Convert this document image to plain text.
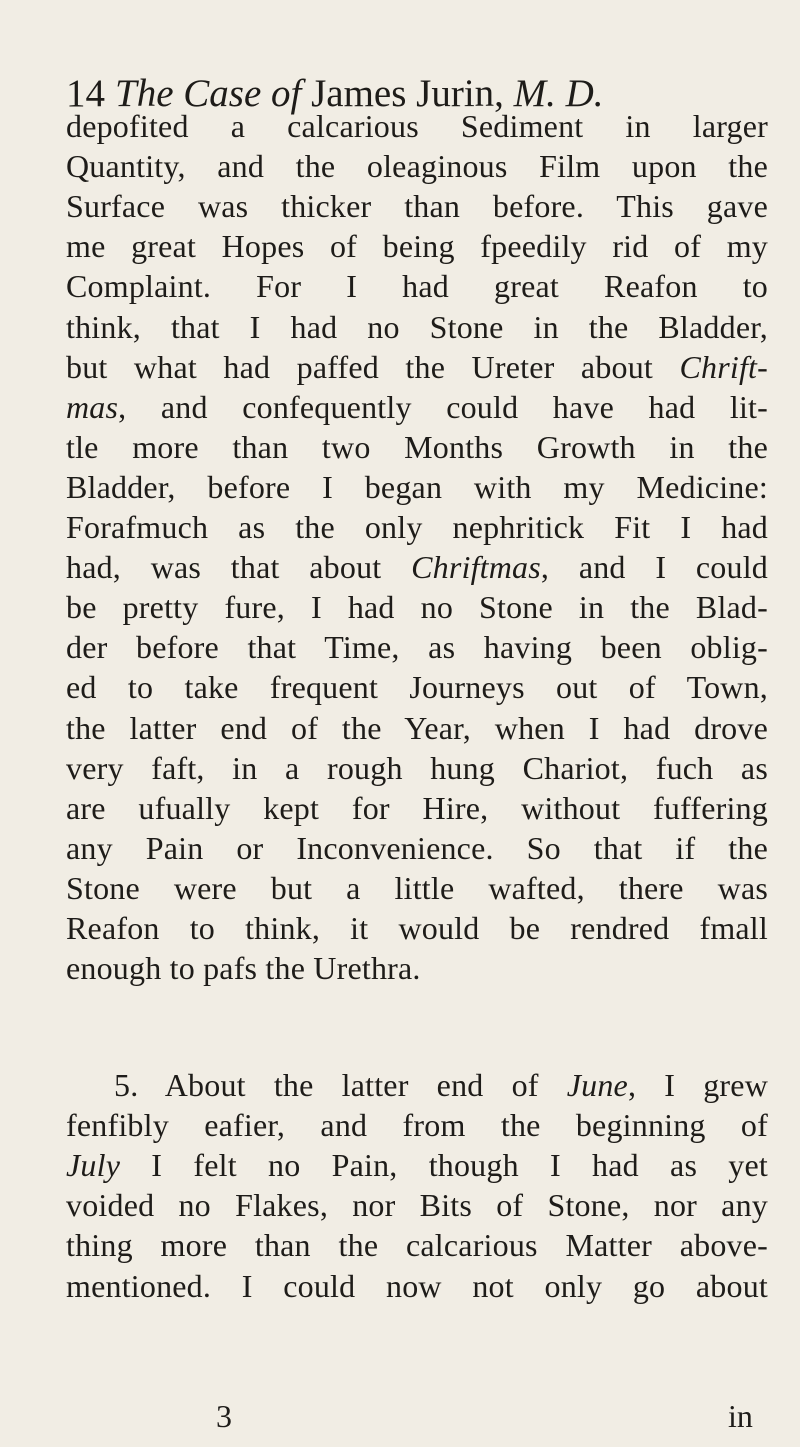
14 The Case of James Jurin, M. D.
depofited a calcarious Sediment in larger
Quantity, and the oleaginous Film upon the
Surface was thicker than before. This gave
me great Hopes of being fpeedily rid of my
Complaint. For I had great Reafon to
think, that I had no Stone in the Bladder,
but what had paffed the Ureter about Chrift-
mas, and confequently could have had lit-
tle more than two Months Growth in the
Bladder, before I began with my Medicine:
Forafmuch as the only nephritick Fit I had
had, was that about Chriftmas, and I could
be pretty fure, I had no Stone in the Blad-
der before that Time, as having been oblig-
ed to take frequent Journeys out of Town,
the latter end of the Year, when I had drove
very faft, in a rough hung Chariot, fuch as
are ufually kept for Hire, without fuffering
any Pain or Inconvenience. So that if the
Stone were but a little wafted, there was
Reafon to think, it would be rendred fmall
enough to pafs the Urethra.
5. About the latter end of June, I grew
fenfibly eafier, and from the beginning of
July I felt no Pain, though I had as yet
voided no Flakes, nor Bits of Stone, nor any
thing more than the calcarious Matter above-
mentioned. I could now not only go about
3	in
